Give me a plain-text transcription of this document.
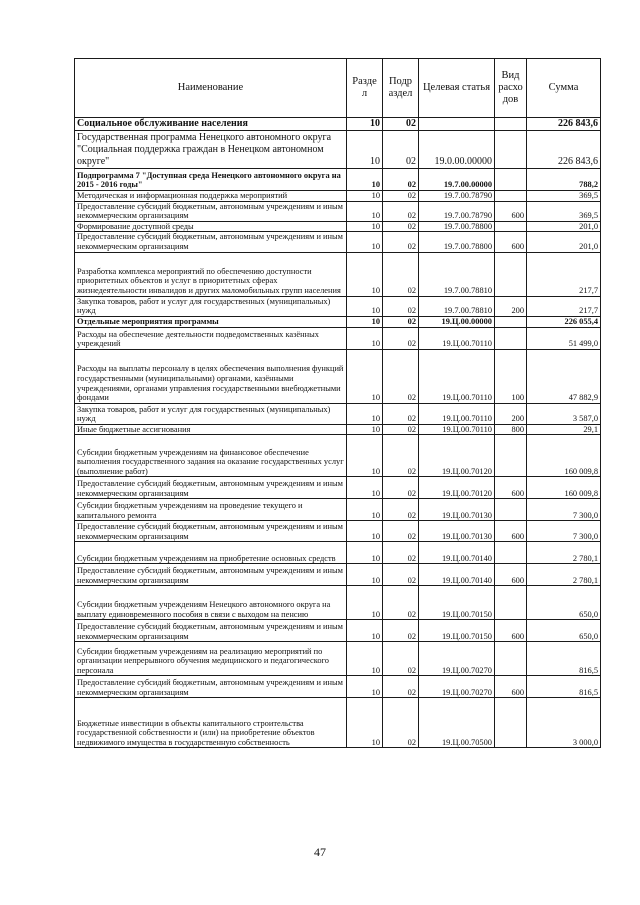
Наименование	Разде л	Подр аздел	Целевая статья	Вид расхо дов	Сумма
Социальное обслуживание населения	10	02			226 843,6
Государственная программа Ненецкого автономного округа "Социальная поддержка граждан в Ненецком автономном округе"	10	02	19.0.00.00000		226 843,6
Подпрограмма 7 "Доступная среда Ненецкого автономного округа на 2015 - 2016 годы"	10	02	19.7.00.00000		788,2
Методическая и информационная поддержка мероприятий	10	02	19.7.00.78790		369,5
Предоставление субсидий бюджетным, автономным учреждениям и иным некоммерческим организациям	10	02	19.7.00.78790	600	369,5
Формирование доступной среды	10	02	19.7.00.78800		201,0
Предоставление субсидий бюджетным, автономным учреждениям и иным некоммерческим организациям	10	02	19.7.00.78800	600	201,0
Разработка комплекса мероприятий по обеспечению доступности приоритетных объектов и услуг в приоритетных сферах жизнедеятельности инвалидов и других маломобильных групп населения	10	02	19.7.00.78810		217,7
Закупка товаров, работ и услуг для государственных (муниципальных) нужд	10	02	19.7.00.78810	200	217,7
Отдельные мероприятия программы	10	02	19.Ц.00.00000		226 055,4
Расходы на обеспечение деятельности подведомственных казённых учреждений	10	02	19.Ц.00.70110		51 499,0
Расходы на выплаты персоналу в целях обеспечения выполнения функций государственными (муниципальными) органами, казёнными учреждениями, органами управления государственными внебюджетными фондами	10	02	19.Ц.00.70110	100	47 882,9
Закупка товаров, работ и услуг для государственных (муниципальных) нужд	10	02	19.Ц.00.70110	200	3 587,0
Иные бюджетные ассигнования	10	02	19.Ц.00.70110	800	29,1
Субсидии бюджетным учреждениям на финансовое обеспечение выполнения государственного задания на оказание государственных услуг (выполнение работ)	10	02	19.Ц.00.70120		160 009,8
Предоставление субсидий бюджетным, автономным учреждениям и иным некоммерческим организациям	10	02	19.Ц.00.70120	600	160 009,8
Субсидии бюджетным учреждениям на проведение текущего и капитального ремонта	10	02	19.Ц.00.70130		7 300,0
Предоставление субсидий бюджетным, автономным учреждениям и иным некоммерческим организациям	10	02	19.Ц.00.70130	600	7 300,0
Субсидии бюджетным учреждениям на приобретение основных средств	10	02	19.Ц.00.70140		2 780,1
Предоставление субсидий бюджетным, автономным учреждениям и иным некоммерческим организациям	10	02	19.Ц.00.70140	600	2 780,1
Субсидии бюджетным учреждениям Ненецкого автономного округа на выплату единовременного пособия в связи с выходом на пенсию	10	02	19.Ц.00.70150		650,0
Предоставление субсидий бюджетным, автономным учреждениям и иным некоммерческим организациям	10	02	19.Ц.00.70150	600	650,0
Субсидии бюджетным учреждениям на реализацию мероприятий по организации непрерывного обучения медицинского и педагогического персонала	10	02	19.Ц.00.70270		816,5
Предоставление субсидий бюджетным, автономным учреждениям и иным некоммерческим организациям	10	02	19.Ц.00.70270	600	816,5
Бюджетные инвестиции в объекты капитального строительства государственной собственности и (или) на приобретение объектов недвижимого имущества в государственную собственность	10	02	19.Ц.00.70500		3 000,0
47
